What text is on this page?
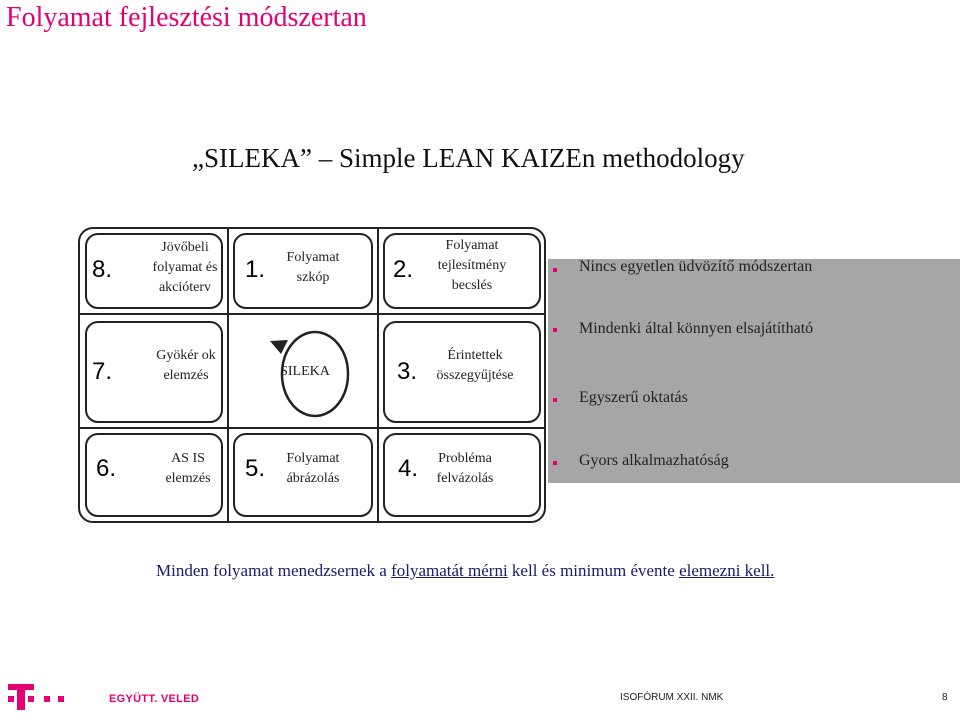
Folyamat fejlesztési módszertan
„SILEKA” – Simple LEAN KAIZEn methodology
8.
Jövőbeli
folyamat és
akcióterv
1.	Folyamat
szkóp	2.
Folyamat
tejlesítmény
becslés
7.
Gyökér ok
elemzés	SILEKA	3.
Érintettek
összegyűjtése
6.	AS IS
elemzés	5.	Folyamat
ábrázolás	4.	Probléma
felvázolás
Nincs egyetlen üdvözítő módszertan
Mindenki által könnyen elsajátítható
Egyszerű oktatás
Gyors alkalmazhatóság
Minden folyamat menedzsernek a folyamatát mérni kell és minimum évente elemezni kell.
EGYÜTT. VELED	ISOFÓRUM XXII. NMK	8
